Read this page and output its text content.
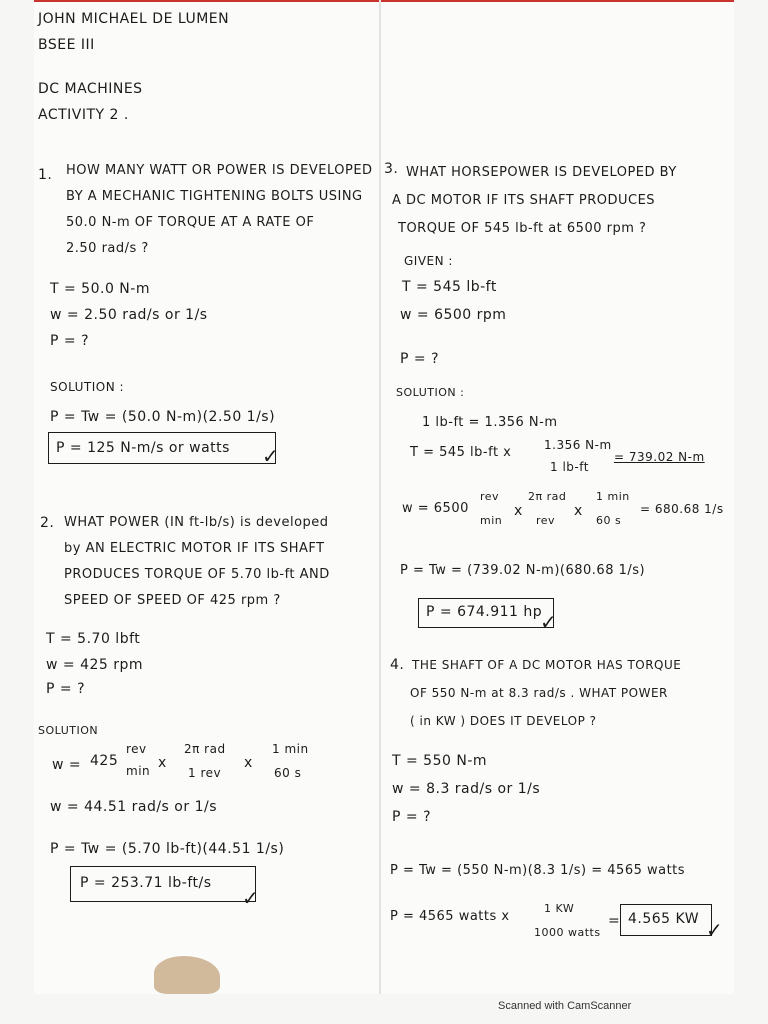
JOHN MICHAEL DE LUMEN
BSEE III
DC MACHINES
ACTIVITY 2 .
1. HOW MANY WATT OR POWER IS DEVELOPED
BY A MECHANIC TIGHTENING BOLTS USING
50.0 N-m OF TORQUE AT A RATE OF
2.50 rad/s ?
T = 50.0 N-m
w = 2.50 rad/s or 1/s
P = ?
SOLUTION :
P = Tw = (50.0 N-m)(2.50 1/s)
P = 125 N-m/s or watts ✓
2. WHAT POWER (IN ft-lb/s) is developed
by AN ELECTRIC MOTOR IF ITS SHAFT
PRODUCES TORQUE OF 5.70 lb-ft AND
SPEED OF SPEED OF 425 rpm ?
T = 5.70 lbft
w = 425 rpm
P = ?
SOLUTION
w = 425
rev
min x
2π rad
1 rev
x
1 min
60 s
w = 44.51 rad/s or 1/s
P = Tw = (5.70 lb-ft)(44.51 1/s)
P = 253.71 lb-ft/s
✓
3. WHAT HORSEPOWER IS DEVELOPED BY
A DC MOTOR IF ITS SHAFT PRODUCES
TORQUE OF 545 lb-ft at 6500 rpm ?
GIVEN :
T = 545 lb-ft
w = 6500 rpm
P = ?
SOLUTION :
1 lb-ft = 1.356 N-m
T = 545 lb-ft x	1.356 N-m
1 lb-ft
= 739.02 N-m
w = 6500
rev
min
x
2π rad
rev
x
1 min
60 s
= 680.68 1/s
P = Tw = (739.02 N-m)(680.68 1/s)
P = 674.911 hp
✓
4. THE SHAFT OF A DC MOTOR HAS TORQUE
OF 550 N-m at 8.3 rad/s . WHAT POWER
( in KW ) DOES IT DEVELOP ?
T = 550 N-m
w = 8.3 rad/s or 1/s
P = ?
P = Tw = (550 N-m)(8.3 1/s) = 4565 watts
P = 4565 watts x
1 KW
1000 watts
= 4.565 KW ✓
Scanned with CamScanner
